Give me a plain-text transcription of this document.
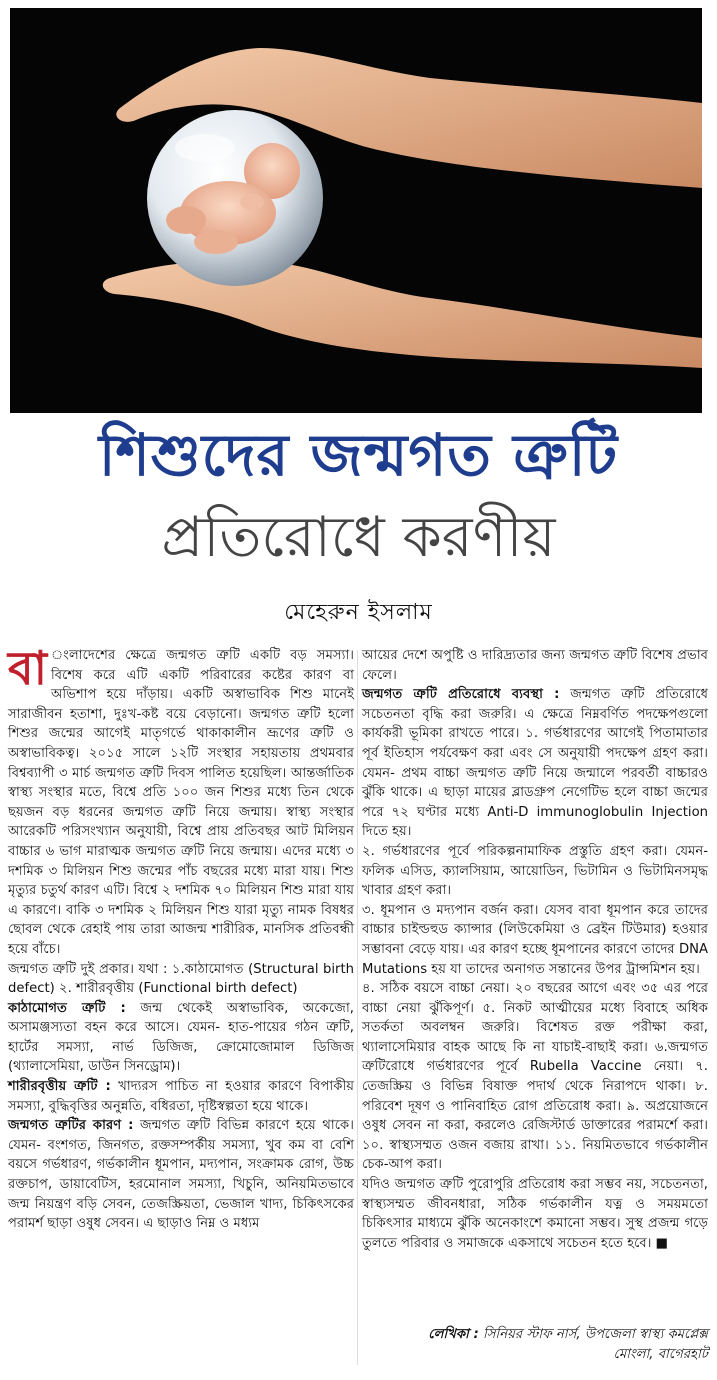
শিশুদের জন্মগত ত্রুটি
প্রতিরোধে করণীয়
মেহেরুন ইসলাম

বা ংলাদেশের ক্ষেত্রে জন্মগত ত্রুটি একটি বড় সমস্যা। বিশেষ করে এটি একটি পরিবারের কষ্টের কারণ বা অভিশাপ হয়ে দাঁড়ায়। একটি অস্বাভাবিক শিশু মানেই সারাজীবন হতাশা, দুঃখ-কষ্ট বয়ে বেড়ানো। জন্মগত ত্রুটি হলো শিশুর জন্মের আগেই মাতৃগর্ভে থাকাকালীন ভ্রূণের ত্রুটি ও অস্বাভাবিকত্ব। ২০১৫ সালে ১২টি সংস্থার সহায়তায় প্রথমবার বিশ্বব্যাপী ৩ মার্চ জন্মগত ত্রুটি দিবস পালিত হয়েছিল। আন্তর্জাতিক স্বাস্থ্য সংস্থার মতে, বিশ্বে প্রতি ১০০ জন শিশুর মধ্যে তিন থেকে ছয়জন বড় ধরনের জন্মগত ত্রুটি নিয়ে জন্মায়। স্বাস্থ্য সংস্থার আরেকটি পরিসংখ্যান অনুযায়ী, বিশ্বে প্রায় প্রতিবছর আট মিলিয়ন বাচ্চার ৬ ভাগ মারাত্মক জন্মগত ত্রুটি নিয়ে জন্মায়। এদের মধ্যে ৩ দশমিক ৩ মিলিয়ন শিশু জন্মের পাঁচ বছরের মধ্যে মারা যায়। শিশু মৃত্যুর চতুর্থ কারণ এটি। বিশ্বে ২ দশমিক ৭০ মিলিয়ন শিশু মারা যায় এ কারণে। বাকি ৩ দশমিক ২ মিলিয়ন শিশু যারা মৃত্যু নামক বিষধর ছোবল থেকে রেহাই পায় তারা আজন্ম শারীরিক, মানসিক প্রতিবন্ধী হয়ে বাঁচে।

জন্মগত ত্রুটি দুই প্রকার। যথা : ১.কাঠামোগত (Structural birth defect) ২. শারীরবৃত্তীয় (Functional birth defect)

কাঠামোগত ত্রুটি : জন্ম থেকেই অস্বাভাবিক, অকেজো, অসামঞ্জস্যতা বহন করে আসে। যেমন- হাত-পায়ের গঠন ত্রুটি, হার্টের সমস্যা, নার্ভ ডিজিজ, ক্রোমোজোমাল ডিজিজ (থ্যালাসেমিয়া, ডাউন সিনড্রোম)।

শারীরবৃত্তীয় ত্রুটি : খাদ্যরস পাচিত না হওয়ার কারণে বিপাকীয় সমস্যা, বুদ্ধিবৃত্তির অনুন্নতি, বধিরতা, দৃষ্টিস্বল্পতা হয়ে থাকে।

জন্মগত ত্রুটির কারণ : জন্মগত ত্রুটি বিভিন্ন কারণে হয়ে থাকে। যেমন- বংশগত, জিনগত, রক্তসম্পর্কীয় সমস্যা, খুব কম বা বেশি বয়সে গর্ভধারণ, গর্ভকালীন ধূমপান, মদ্যপান, সংক্রামক রোগ, উচ্চ রক্তচাপ, ডায়াবেটিস, হরমোনাল সমস্যা, খিচুনি, অনিয়মিতভাবে জন্ম নিয়ন্ত্রণ বড়ি সেবন, তেজস্ক্রিয়তা, ভেজাল খাদ্য, চিকিৎসকের পরামর্শ ছাড়া ওষুধ সেবন। এ ছাড়াও নিম্ন ও মধ্যম

আয়ের দেশে অপুষ্টি ও দারিদ্র্যতার জন্য জন্মগত ত্রুটি বিশেষ প্রভাব ফেলে।

জন্মগত ত্রুটি প্রতিরোধে ব্যবস্থা : জন্মগত ত্রুটি প্রতিরোধে সচেতনতা বৃদ্ধি করা জরুরি। এ ক্ষেত্রে নিম্নবর্ণিত পদক্ষেপগুলো কার্যকরী ভূমিকা রাখতে পারে। ১. গর্ভধারণের আগেই পিতামাতার পূর্ব ইতিহাস পর্যবেক্ষণ করা এবং সে অনুযায়ী পদক্ষেপ গ্রহণ করা। যেমন- প্রথম বাচ্চা জন্মগত ত্রুটি নিয়ে জন্মালে পরবর্তী বাচ্চারও ঝুঁকি থাকে। এ ছাড়া মায়ের ব্লাডগ্রুপ নেগেটিভ হলে বাচ্চা জন্মের পরে ৭২ ঘণ্টার মধ্যে Anti-D immunoglobulin Injection দিতে হয়।

২. গর্ভধারণের পূর্বে পরিকল্পনামাফিক প্রস্তুতি গ্রহণ করা। যেমন- ফলিক এসিড, ক্যালসিয়াম, আয়োডিন, ভিটামিন ও ভিটামিনসমৃদ্ধ খাবার গ্রহণ করা।

৩. ধূমপান ও মদ্যপান বর্জন করা। যেসব বাবা ধূমপান করে তাদের বাচ্চার চাইল্ডহুড ক্যান্সার (লিউকেমিয়া ও ব্রেইন টিউমার) হওয়ার সম্ভাবনা বেড়ে যায়। এর কারণ হচ্ছে ধূমপানের কারণে তাদের DNA Mutations হয় যা তাদের অনাগত সন্তানের উপর ট্রান্সমিশন হয়।

৪. সঠিক বয়সে বাচ্চা নেয়া। ২০ বছরের আগে এবং ৩৫ এর পরে বাচ্চা নেয়া ঝুঁকিপূর্ণ। ৫. নিকট আত্মীয়ের মধ্যে বিবাহে অধিক সতর্কতা অবলম্বন জরুরি। বিশেষত রক্ত পরীক্ষা করা, থ্যালাসেমিয়ার বাহক আছে কি না যাচাই-বাছাই করা। ৬.জন্মগত ত্রুটিরোধে গর্ভধারণের পূর্বে Rubella Vaccine নেয়া। ৭. তেজস্ক্রিয় ও বিভিন্ন বিষাক্ত পদার্থ থেকে নিরাপদে থাকা। ৮. পরিবেশ দূষণ ও পানিবাহিত রোগ প্রতিরোধ করা। ৯. অপ্রয়োজনে ওষুধ সেবন না করা, করলেও রেজিস্টার্ড ডাক্তারের পরামর্শে করা। ১০. স্বাস্থ্যসম্মত ওজন বজায় রাখা। ১১. নিয়মিতভাবে গর্ভকালীন চেক-আপ করা।

যদিও জন্মগত ত্রুটি পুরোপুরি প্রতিরোধ করা সম্ভব নয়, সচেতনতা, স্বাস্থ্যসম্মত জীবনধারা, সঠিক গর্ভকালীন যত্ন ও সময়মতো চিকিৎসার মাধ্যমে ঝুঁকি অনেকাংশে কমানো সম্ভব। সুস্থ প্রজন্ম গড়ে তুলতে পরিবার ও সমাজকে একসাথে সচেতন হতে হবে। ■

লেখিকা : সিনিয়র স্টাফ নার্স, উপজেলা স্বাস্থ্য কমপ্লেক্স
মোংলা, বাগেরহাট
